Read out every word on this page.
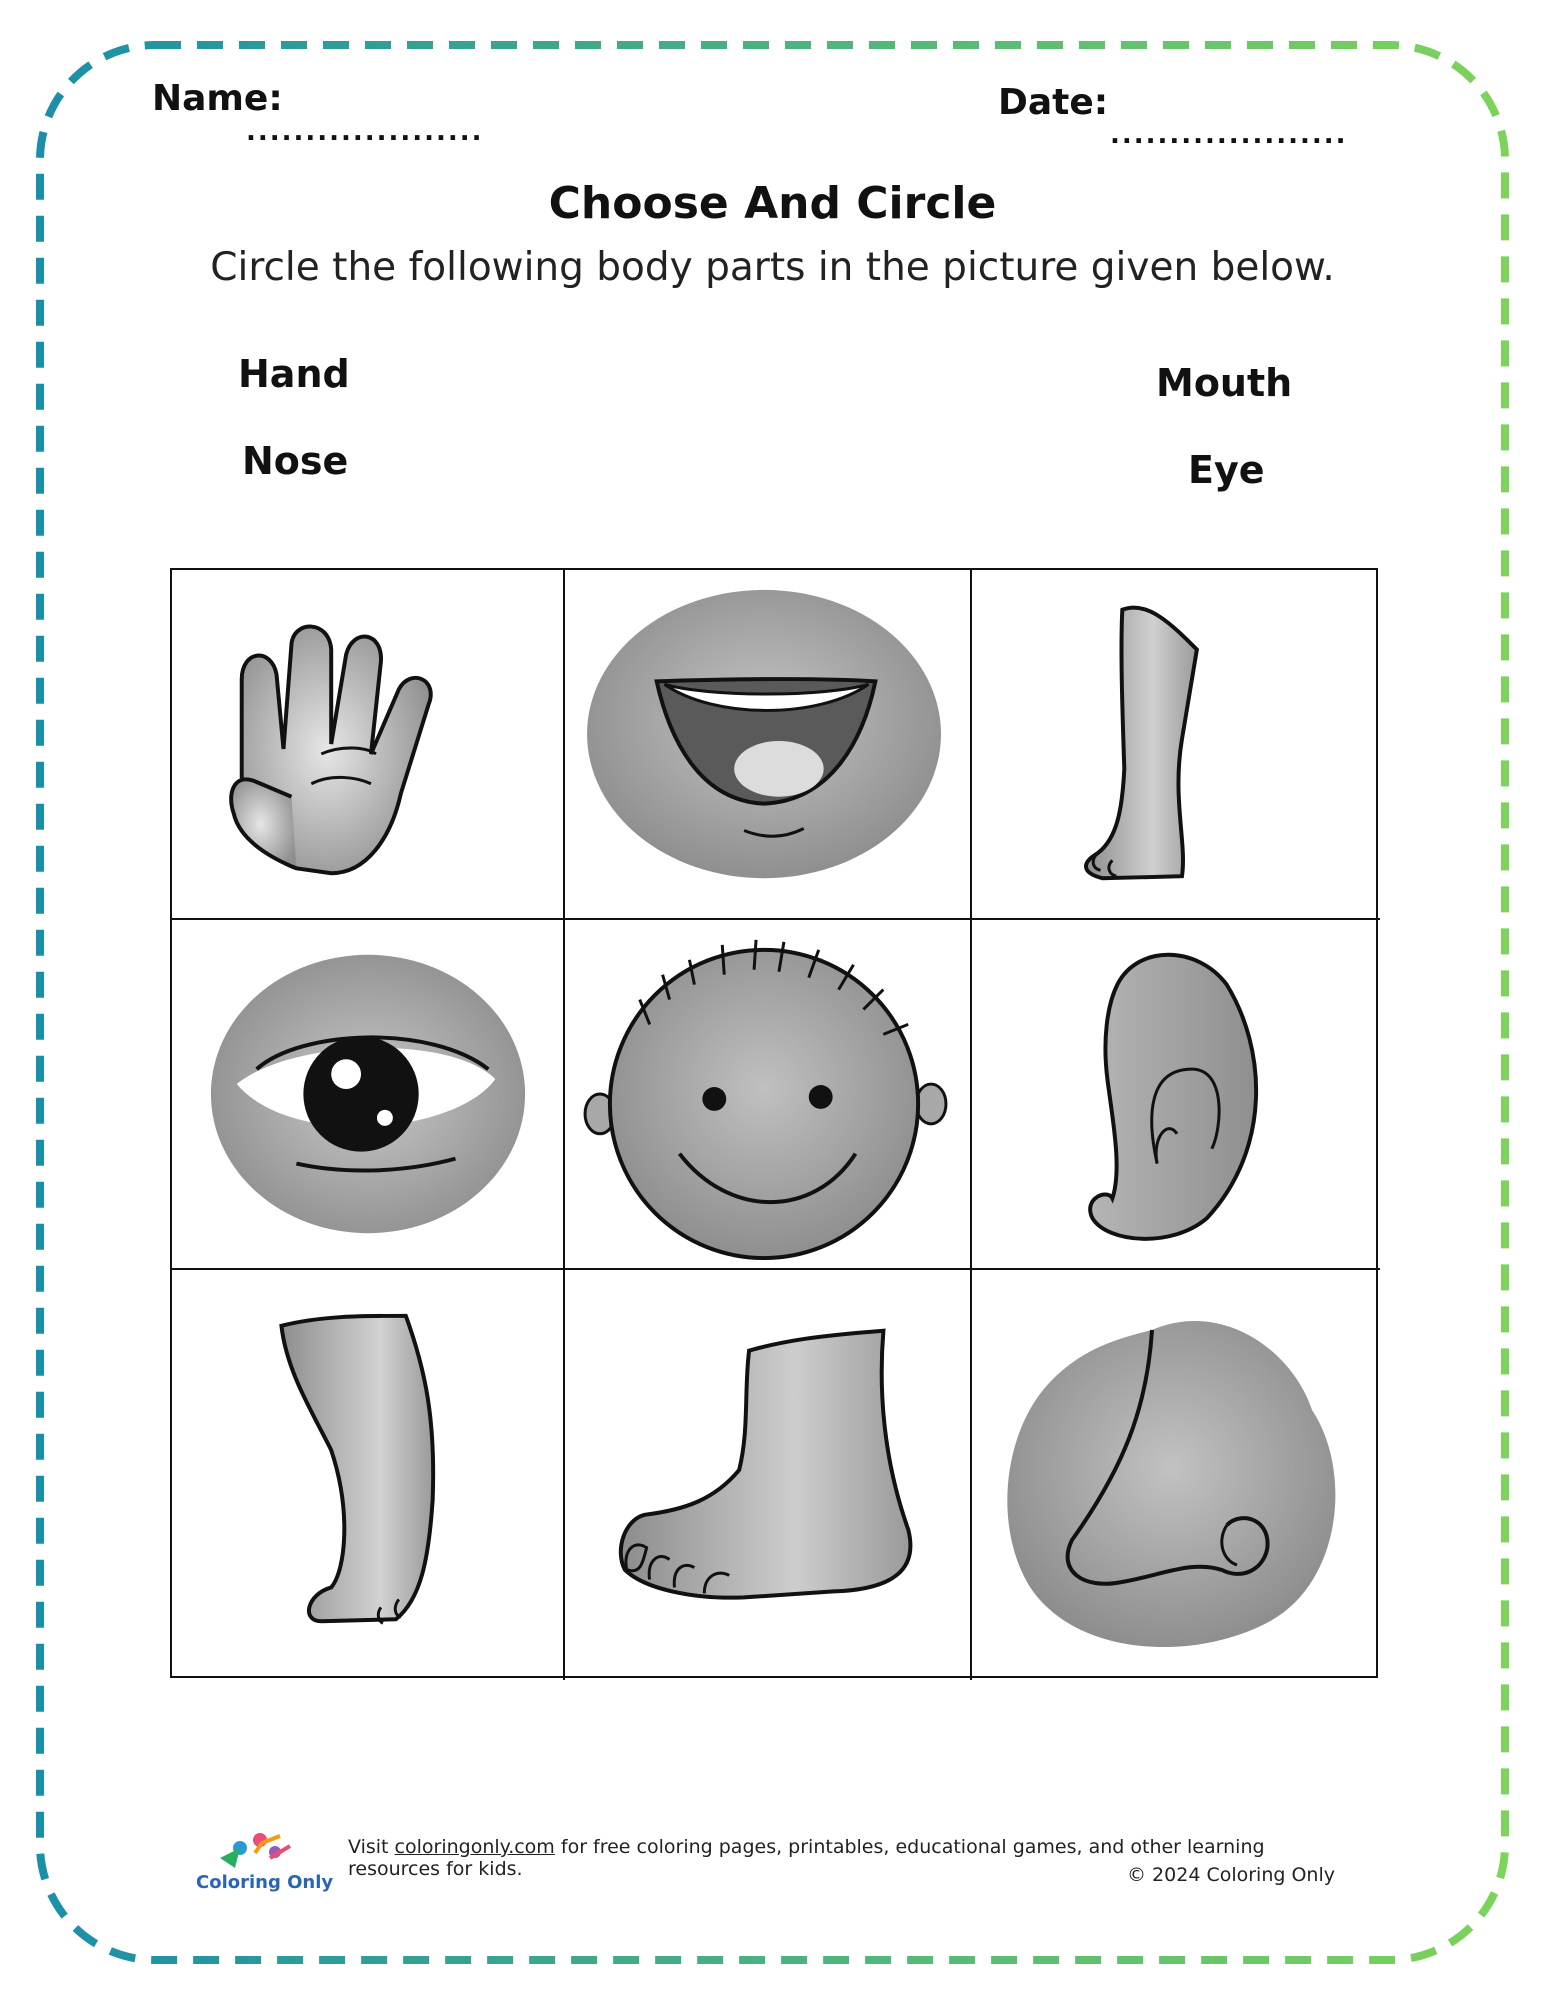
Name:
....................
Date:
....................
Choose And Circle
Circle the following body parts in the picture given below.
Hand
Nose
Mouth
Eye
Coloring Only
Visit coloringonly.com for free coloring pages, printables, educational games, and other learning resources for kids.	© 2024 Coloring Only
